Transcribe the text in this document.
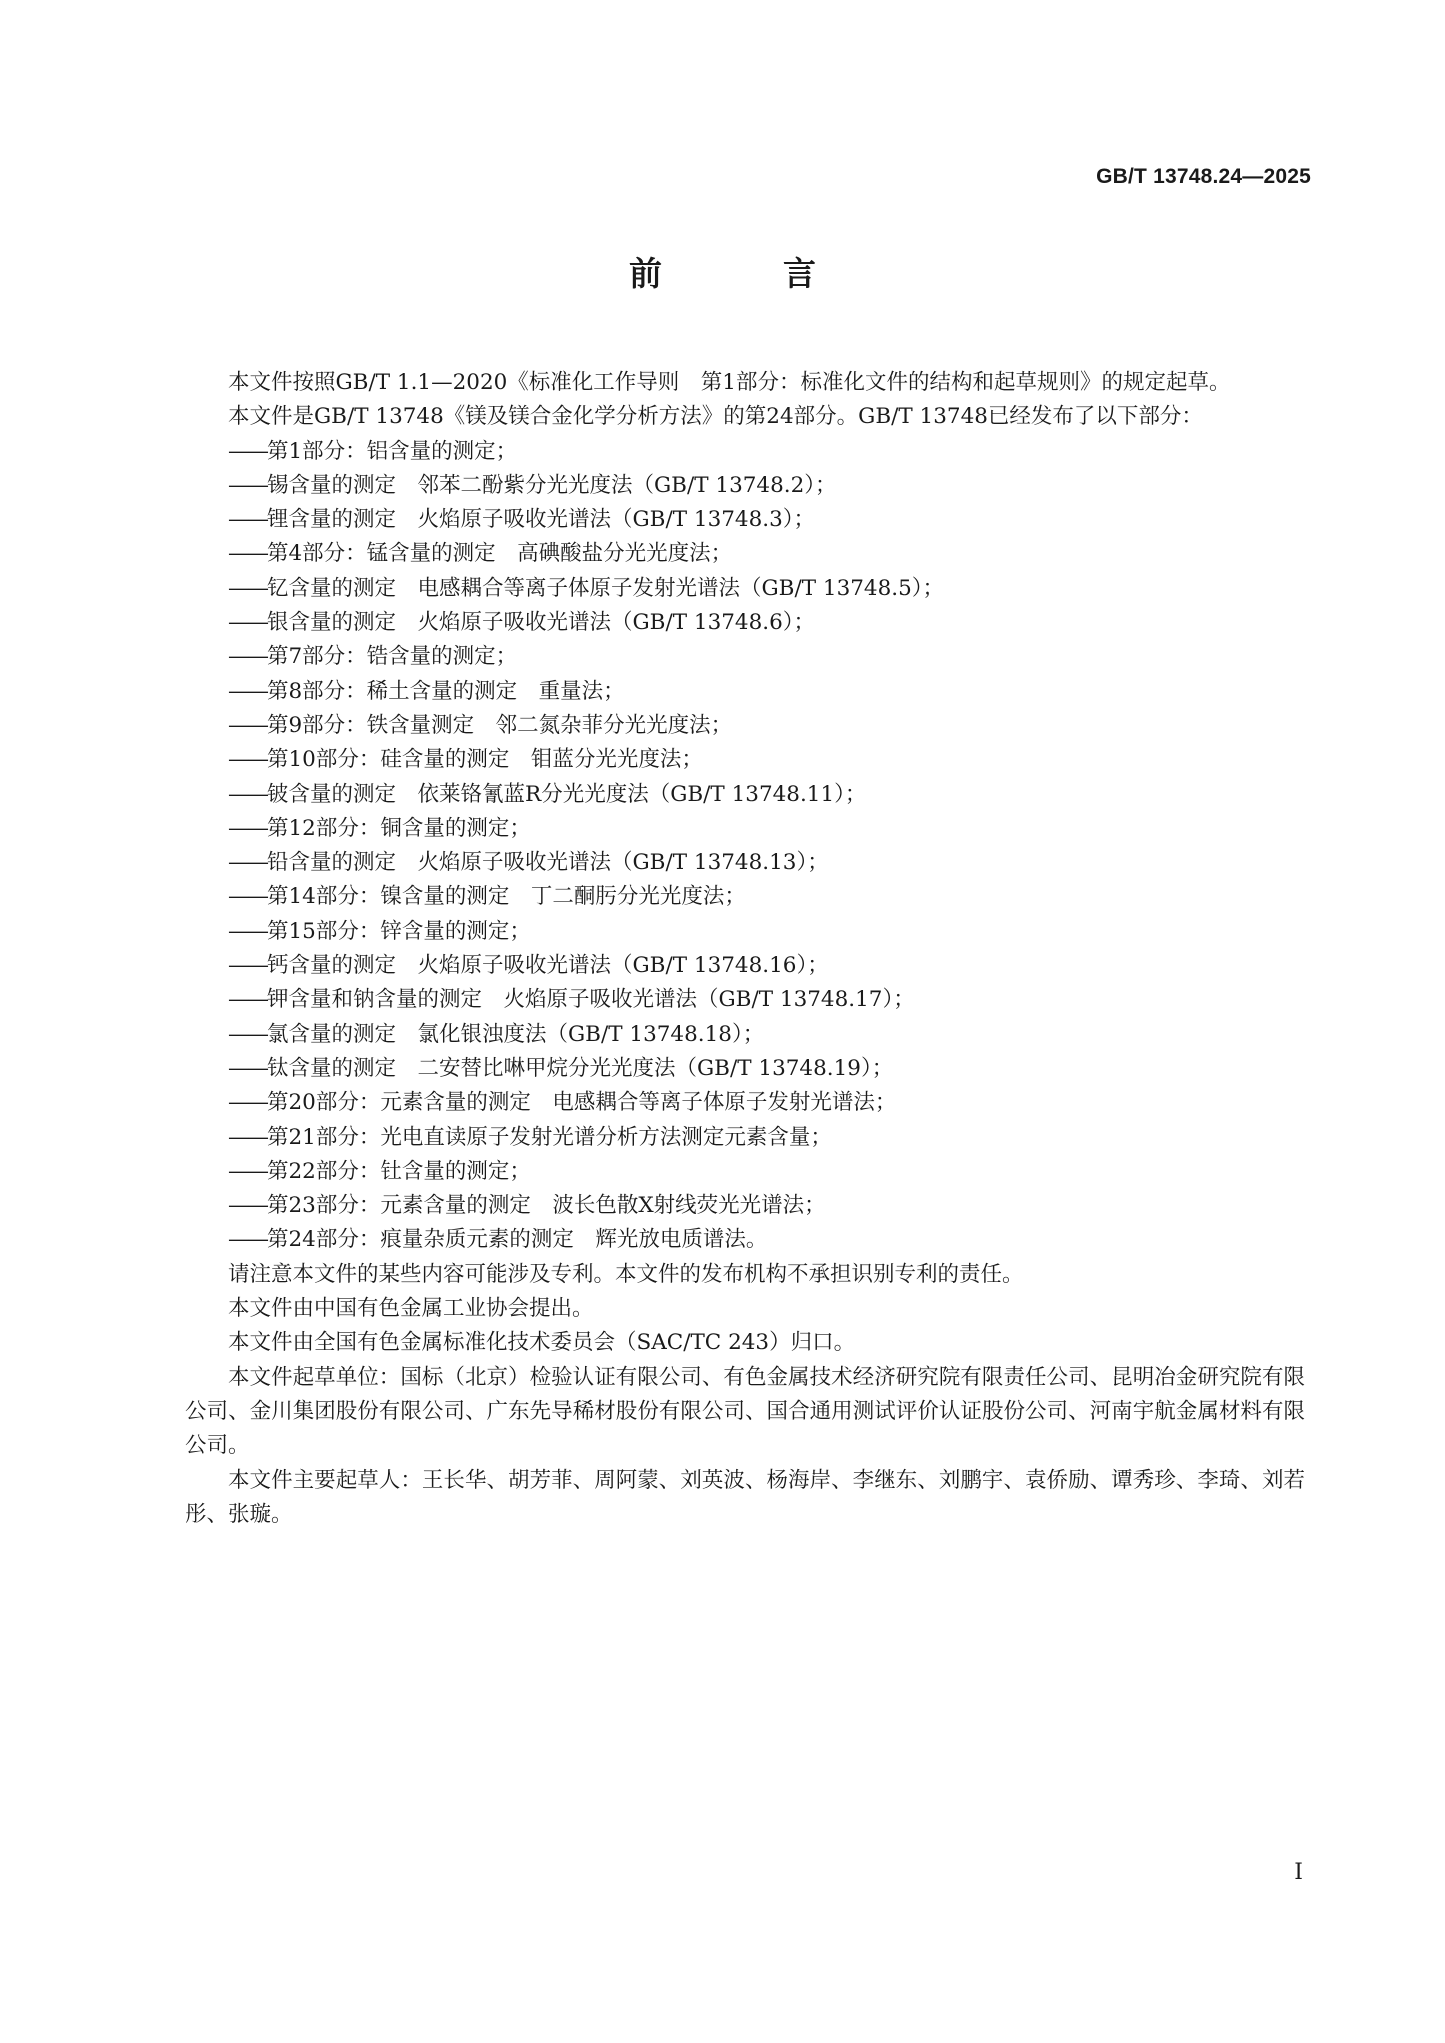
GB/T 13748.24—2025
前　言

本文件按照GB/T 1.1—2020《标准化工作导则　第1部分：标准化文件的结构和起草规则》的规定起草。

本文件是GB/T 13748《镁及镁合金化学分析方法》的第24部分。GB/T 13748已经发布了以下部分：

——第1部分：铝含量的测定；
——锡含量的测定　邻苯二酚紫分光光度法（GB/T 13748.2）；
——锂含量的测定　火焰原子吸收光谱法（GB/T 13748.3）；
——第4部分：锰含量的测定　高碘酸盐分光光度法；
——钇含量的测定　电感耦合等离子体原子发射光谱法（GB/T 13748.5）；
——银含量的测定　火焰原子吸收光谱法（GB/T 13748.6）；
——第7部分：锆含量的测定；
——第8部分：稀土含量的测定　重量法；
——第9部分：铁含量测定　邻二氮杂菲分光光度法；
——第10部分：硅含量的测定　钼蓝分光光度法；
——铍含量的测定　依莱铬氰蓝R分光光度法（GB/T 13748.11）；
——第12部分：铜含量的测定；
——铅含量的测定　火焰原子吸收光谱法（GB/T 13748.13）；
——第14部分：镍含量的测定　丁二酮肟分光光度法；
——第15部分：锌含量的测定；
——钙含量的测定　火焰原子吸收光谱法（GB/T 13748.16）；
——钾含量和钠含量的测定　火焰原子吸收光谱法（GB/T 13748.17）；
——氯含量的测定　氯化银浊度法（GB/T 13748.18）；
——钛含量的测定　二安替比啉甲烷分光光度法（GB/T 13748.19）；
——第20部分：元素含量的测定　电感耦合等离子体原子发射光谱法；
——第21部分：光电直读原子发射光谱分析方法测定元素含量；
——第22部分：钍含量的测定；
——第23部分：元素含量的测定　波长色散X射线荧光光谱法；
——第24部分：痕量杂质元素的测定　辉光放电质谱法。

请注意本文件的某些内容可能涉及专利。本文件的发布机构不承担识别专利的责任。

本文件由中国有色金属工业协会提出。

本文件由全国有色金属标准化技术委员会（SAC/TC 243）归口。

本文件起草单位：国标（北京）检验认证有限公司、有色金属技术经济研究院有限责任公司、昆明冶金研究院有限公司、金川集团股份有限公司、广东先导稀材股份有限公司、国合通用测试评价认证股份公司、河南宇航金属材料有限公司。

本文件主要起草人：王长华、胡芳菲、周阿蒙、刘英波、杨海岸、李继东、刘鹏宇、袁侨励、谭秀珍、李琦、刘若彤、张璇。

I
